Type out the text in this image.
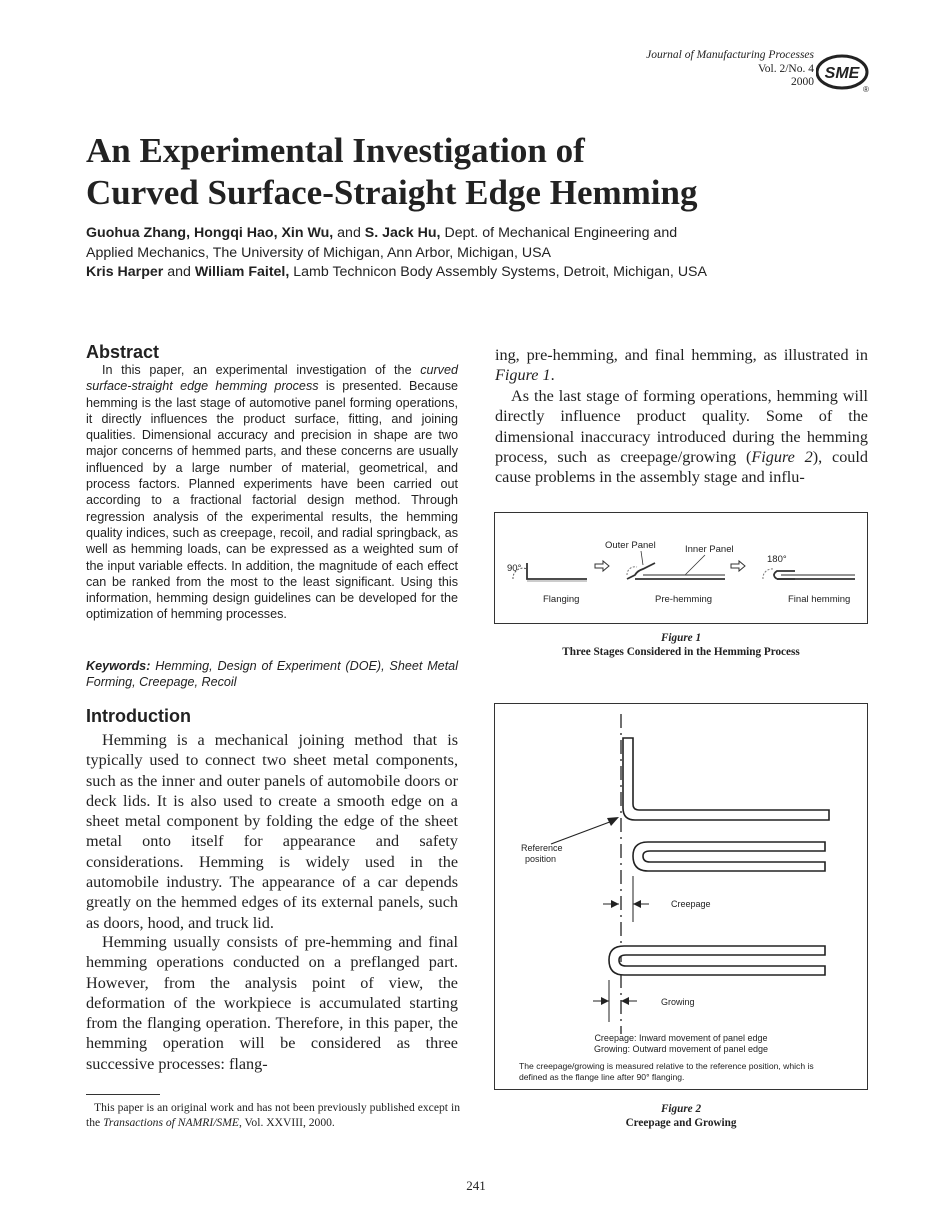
Journal of Manufacturing Processes
Vol. 2/No. 4
2000 SME
®
An Experimental Investigation of
Curved Surface-Straight Edge Hemming
Guohua Zhang, Hongqi Hao, Xin Wu, and S. Jack Hu, Dept. of Mechanical Engineering and
Applied Mechanics, The University of Michigan, Ann Arbor, Michigan, USA
Kris Harper and William Faitel, Lamb Technicon Body Assembly Systems, Detroit, Michigan, USA
Abstract

In this paper, an experimental investigation of the curved surface-straight edge hemming process is presented. Because hemming is the last stage of automotive panel forming operations, it directly influences the product surface, fitting, and joining qualities. Dimensional accuracy and precision in shape are two major concerns of hemmed parts, and these concerns are usually influenced by a large number of material, geometrical, and process factors. Planned experiments have been carried out according to a fractional factorial design method. Through regression analysis of the experimental results, the hemming quality indices, such as creepage, recoil, and radial springback, as well as hemming loads, can be expressed as a weighted sum of the input variable effects. In addition, the magnitude of each effect can be ranked from the most to the least significant. Using this information, hemming design guidelines can be developed for the optimization of hemming processes.

Keywords: Hemming, Design of Experiment (DOE), Sheet Metal Forming, Creepage, Recoil

Introduction

Hemming is a mechanical joining method that is typically used to connect two sheet metal components, such as the inner and outer panels of automobile doors or deck lids. It is also used to create a smooth edge on a sheet metal component by folding the edge of the sheet metal onto itself for appearance and safety considerations. Hemming is widely used in the automobile industry. The appearance of a car depends greatly on the hemmed edges of its external panels, such as doors, hood, and truck lid.

Hemming usually consists of pre-hemming and final hemming operations conducted on a preflanged part. However, from the analysis point of view, the deformation of the workpiece is accumulated starting from the flanging operation. Therefore, in this paper, the hemming operation will be considered as three successive processes: flang-

This paper is an original work and has not been previously published except in the Transactions of NAMRI/SME, Vol. XXVIII, 2000.

ing, pre-hemming, and final hemming, as illustrated in Figure 1.

As the last stage of forming operations, hemming will directly influence product quality. Some of the dimensional inaccuracy introduced during the hemming process, such as creepage/growing (Figure 2), could cause problems in the assembly stage and influ-

90°
Outer Panel	Inner Panel
180°
Flanging	Pre-hemming	Final hemming
Figure 1
Three Stages Considered in the Hemming Process
Reference
position
Creepage
Growing
Creepage: Inward movement of panel edge
Growing: Outward movement of panel edge
The creepage/growing is measured relative to the reference position, which is
defined as the flange line after 90° flanging.
Figure 2
Creepage and Growing
241
